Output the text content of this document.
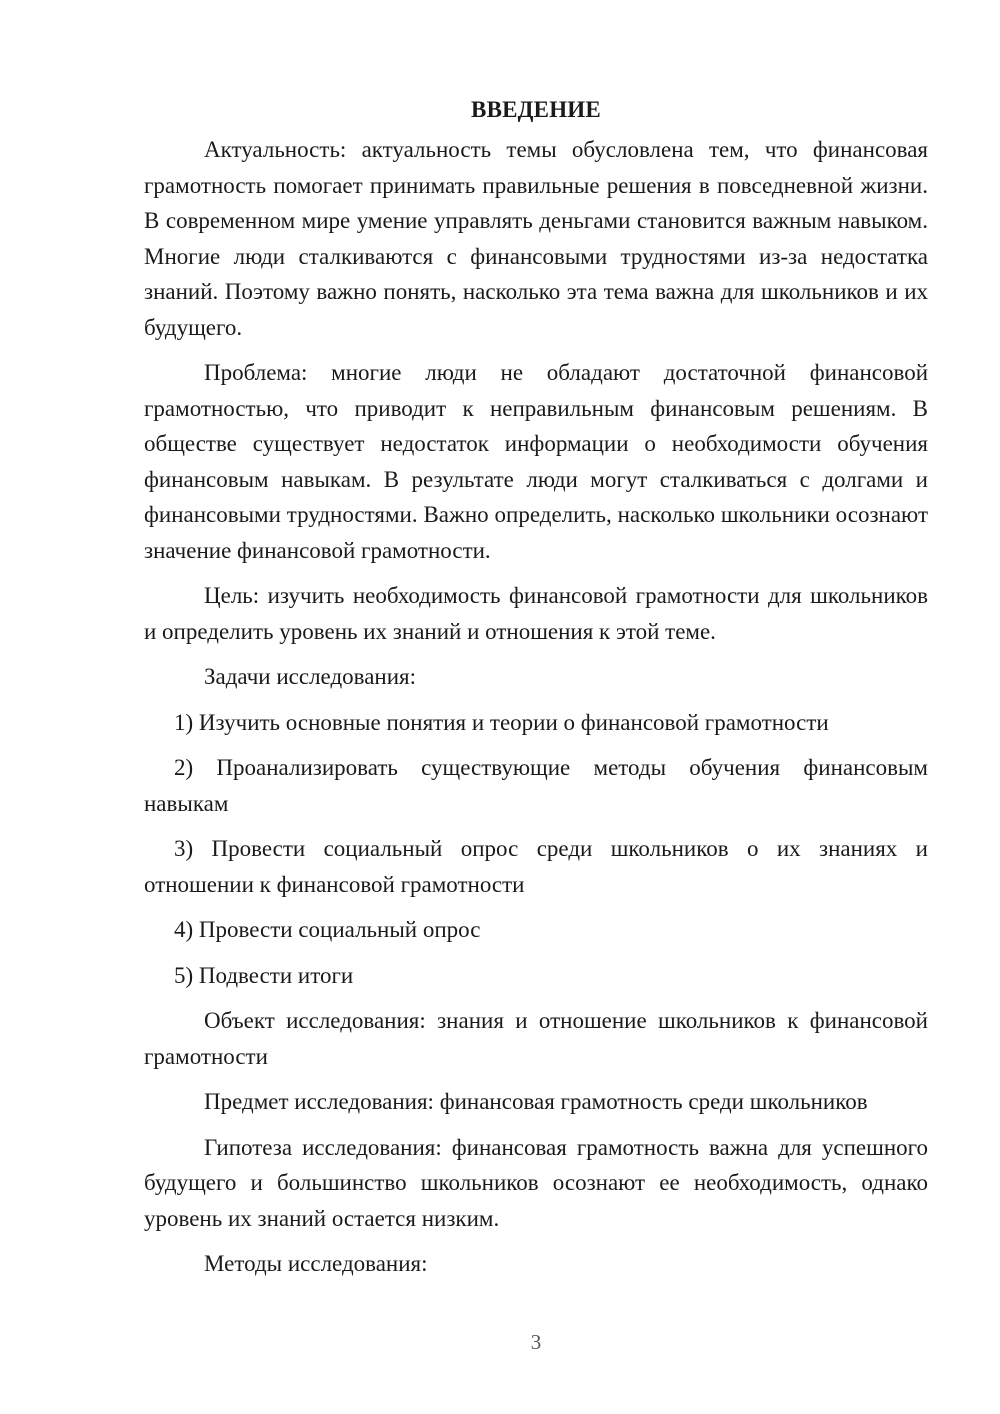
ВВЕДЕНИЕ

Актуальность: актуальность темы обусловлена тем, что финансовая грамотность помогает принимать правильные решения в повседневной жизни. В современном мире умение управлять деньгами становится важным навыком. Многие люди сталкиваются с финансовыми трудностями из-за недостатка знаний. Поэтому важно понять, насколько эта тема важна для школьников и их будущего.

Проблема: многие люди не обладают достаточной финансовой грамотностью, что приводит к неправильным финансовым решениям. В обществе существует недостаток информации о необходимости обучения финансовым навыкам. В результате люди могут сталкиваться с долгами и финансовыми трудностями. Важно определить, насколько школьники осознают значение финансовой грамотности.

Цель: изучить необходимость финансовой грамотности для школьников и определить уровень их знаний и отношения к этой теме.

Задачи исследования:

1) Изучить основные понятия и теории о финансовой грамотности

2) Проанализировать существующие методы обучения финансовым навыкам

3) Провести социальный опрос среди школьников о их знаниях и отношении к финансовой грамотности

4) Провести социальный опрос

5) Подвести итоги

Объект исследования: знания и отношение школьников к финансовой грамотности

Предмет исследования: финансовая грамотность среди школьников

Гипотеза исследования: финансовая грамотность важна для успешного будущего и большинство школьников осознают ее необходимость, однако уровень их знаний остается низким.

Методы исследования:

3
